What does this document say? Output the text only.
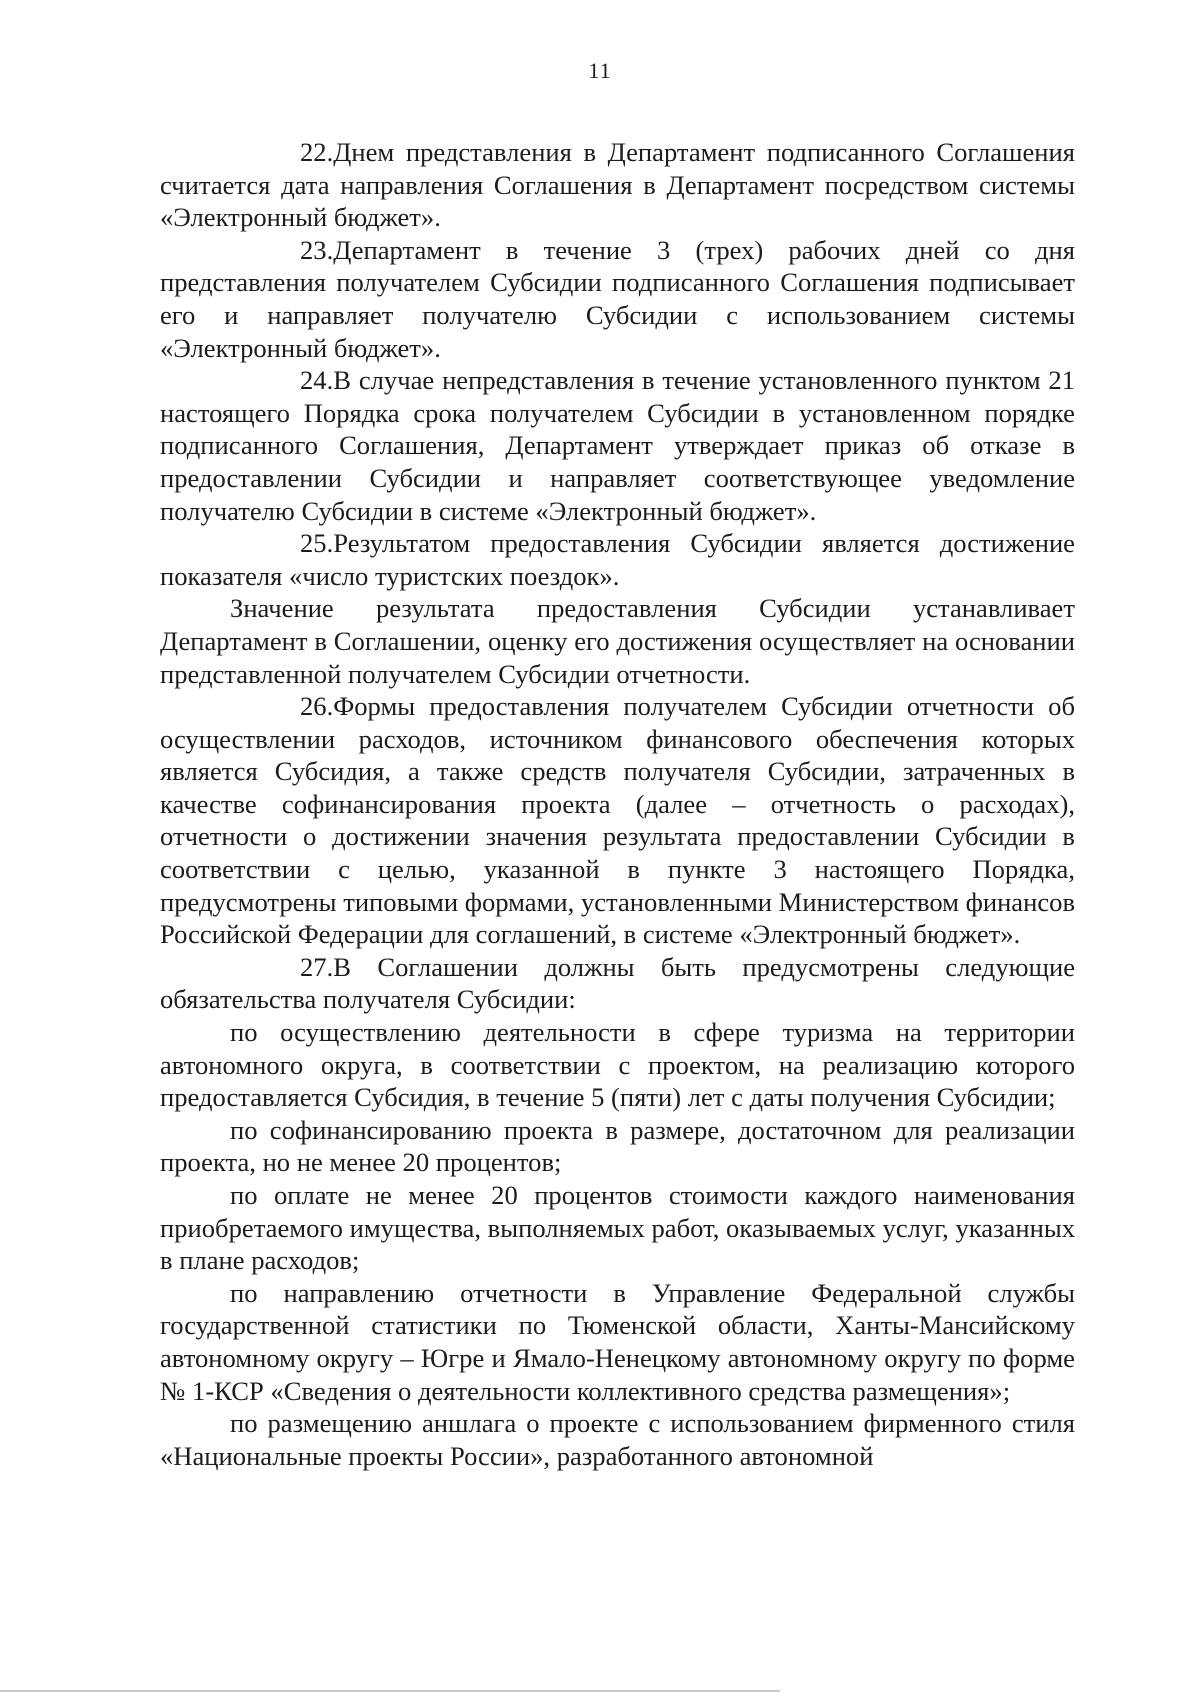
11

22.Днем представления в Департамент подписанного Соглашения считается дата направления Соглашения в Департамент посредством системы «Электронный бюджет».

23.Департамент в течение 3 (трех) рабочих дней со дня представления получателем Субсидии подписанного Соглашения подписывает его и направляет получателю Субсидии с использованием системы «Электронный бюджет».

24.В случае непредставления в течение установленного пунктом 21 настоящего Порядка срока получателем Субсидии в установленном порядке подписанного Соглашения, Департамент утверждает приказ об отказе в предоставлении Субсидии и направляет соответствующее уведомление получателю Субсидии в системе «Электронный бюджет».

25.Результатом предоставления Субсидии является достижение показателя «число туристских поездок».

Значение результата предоставления Субсидии устанавливает Департамент в Соглашении, оценку его достижения осуществляет на основании представленной получателем Субсидии отчетности.

26.Формы предоставления получателем Субсидии отчетности об осуществлении расходов, источником финансового обеспечения которых является Субсидия, а также средств получателя Субсидии, затраченных в качестве софинансирования проекта (далее – отчетность о расходах), отчетности о достижении значения результата предоставлении Субсидии в соответствии с целью, указанной в пункте 3 настоящего Порядка, предусмотрены типовыми формами, установленными Министерством финансов Российской Федерации для соглашений, в системе «Электронный бюджет».

27.В Соглашении должны быть предусмотрены следующие обязательства получателя Субсидии:

по осуществлению деятельности в сфере туризма на территории автономного округа, в соответствии с проектом, на реализацию которого предоставляется Субсидия, в течение 5 (пяти) лет с даты получения Субсидии;

по софинансированию проекта в размере, достаточном для реализации проекта, но не менее 20 процентов;

по оплате не менее 20 процентов стоимости каждого наименования приобретаемого имущества, выполняемых работ, оказываемых услуг, указанных в плане расходов;

по направлению отчетности в Управление Федеральной службы государственной статистики по Тюменской области, Ханты-Мансийскому автономному округу – Югре и Ямало-Ненецкому автономному округу по форме № 1-КСР «Сведения о деятельности коллективного средства размещения»;

по размещению аншлага о проекте с использованием фирменного стиля «Национальные проекты России», разработанного автономной
